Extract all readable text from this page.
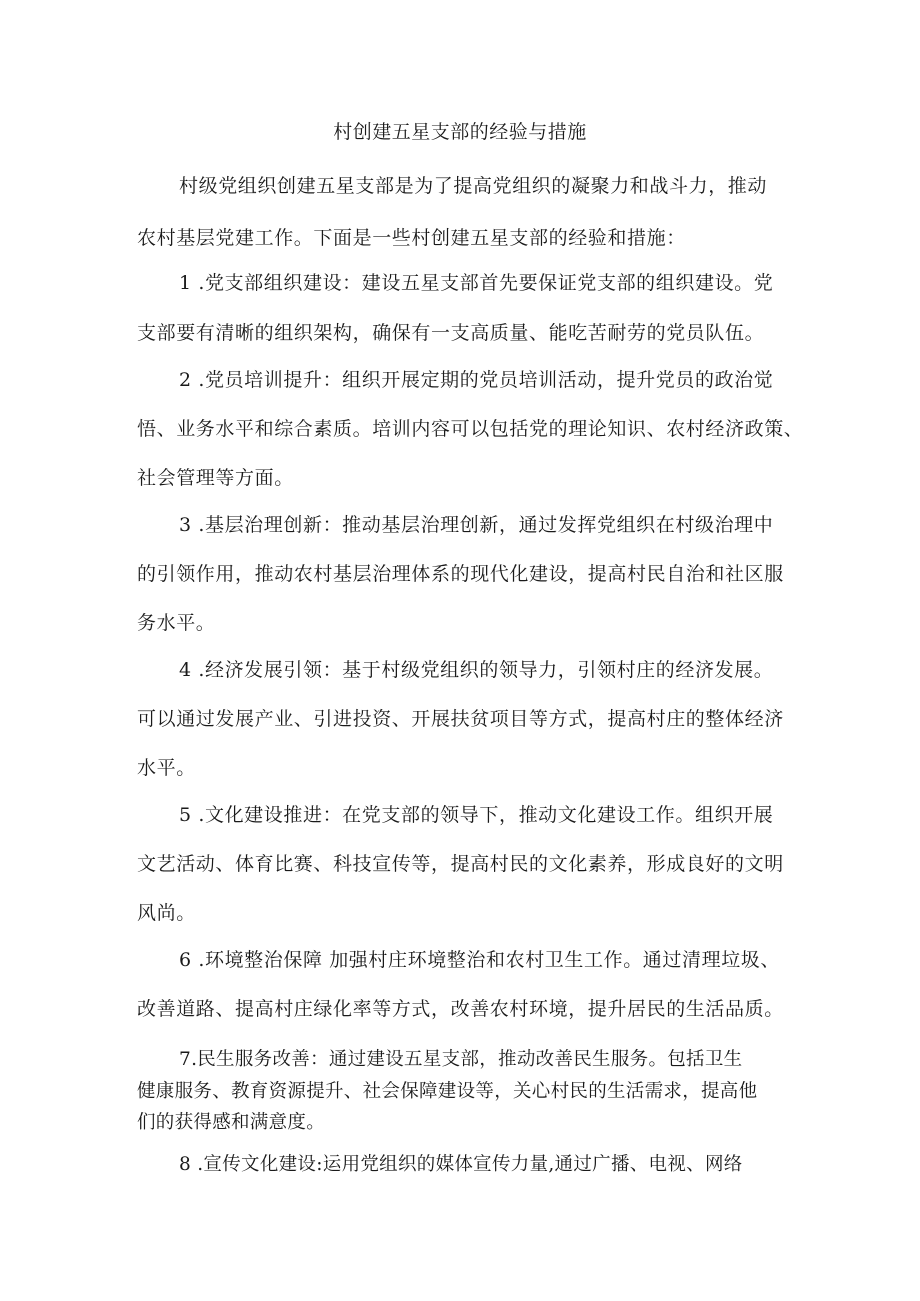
村创建五星支部的经验与措施
村级党组织创建五星支部是为了提高党组织的凝聚力和战斗力，推动
农村基层党建工作。下面是一些村创建五星支部的经验和措施：
1 .党支部组织建设：建设五星支部首先要保证党支部的组织建设。党
支部要有清晰的组织架构，确保有一支高质量、能吃苦耐劳的党员队伍。
2 .党员培训提升：组织开展定期的党员培训活动，提升党员的政治觉
悟、业务水平和综合素质。培训内容可以包括党的理论知识、农村经济政策、
社会管理等方面。
3 .基层治理创新：推动基层治理创新，通过发挥党组织在村级治理中
的引领作用，推动农村基层治理体系的现代化建设，提高村民自治和社区服
务水平。
4 .经济发展引领：基于村级党组织的领导力，引领村庄的经济发展。
可以通过发展产业、引进投资、开展扶贫项目等方式，提高村庄的整体经济
水平。
5 .文化建设推进：在党支部的领导下，推动文化建设工作。组织开展
文艺活动、体育比赛、科技宣传等，提高村民的文化素养，形成良好的文明
风尚。
6 .环境整治保障 加强村庄环境整治和农村卫生工作。通过清理垃圾、
改善道路、提高村庄绿化率等方式，改善农村环境，提升居民的生活品质。
7.民生服务改善：通过建设五星支部，推动改善民生服务。包括卫生
健康服务、教育资源提升、社会保障建设等，关心村民的生活需求，提高他
们的获得感和满意度。
8 .宣传文化建设:运用党组织的媒体宣传力量,通过广播、电视、网络
